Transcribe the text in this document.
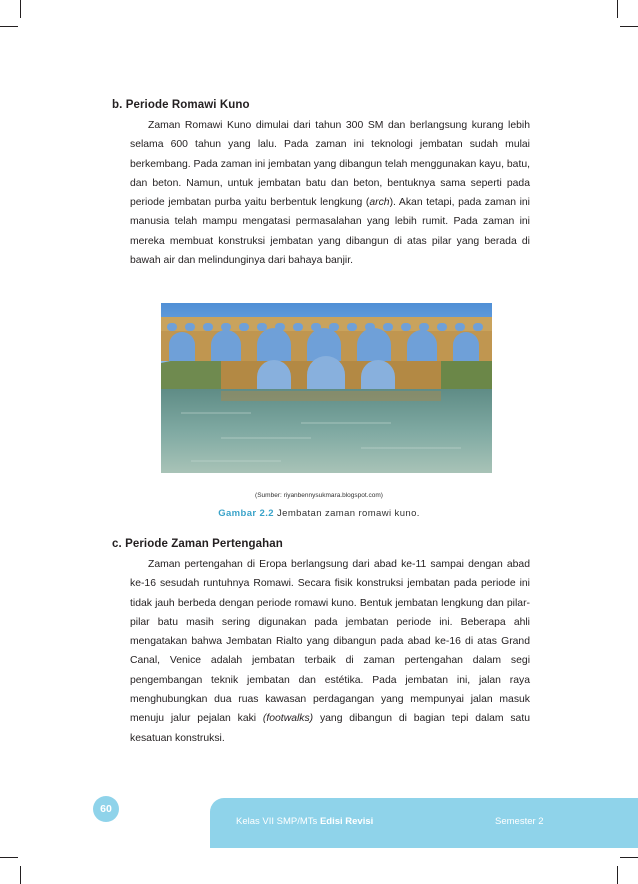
b. Periode Romawi Kuno

Zaman Romawi Kuno dimulai dari tahun 300 SM dan berlangsung kurang lebih selama 600 tahun yang lalu. Pada zaman ini teknologi jembatan sudah mulai berkembang. Pada zaman ini jembatan yang dibangun telah menggunakan kayu, batu, dan beton. Namun, untuk jembatan batu dan beton, bentuknya sama seperti pada periode jembatan purba yaitu berbentuk lengkung (arch). Akan tetapi, pada zaman ini manusia telah mampu mengatasi permasalahan yang lebih rumit. Pada zaman ini mereka membuat konstruksi jembatan yang dibangun di atas pilar yang berada di bawah air dan melindunginya dari bahaya banjir.

(Sumber: riyanbennysukmara.blogspot.com)
Gambar 2.2 Jembatan zaman romawi kuno.
c. Periode Zaman Pertengahan

Zaman pertengahan di Eropa berlangsung dari abad ke-11 sampai dengan abad ke-16 sesudah runtuhnya Romawi. Secara fisik konstruksi jembatan pada periode ini tidak jauh berbeda dengan periode romawi kuno. Bentuk jembatan lengkung dan pilar-pilar batu masih sering digunakan pada jembatan periode ini. Beberapa ahli mengatakan bahwa Jembatan Rialto yang dibangun pada abad ke-16 di atas Grand Canal, Venice adalah jembatan terbaik di zaman pertengahan dalam segi pengembangan teknik jembatan dan estétika. Pada jembatan ini, jalan raya menghubungkan dua ruas kawasan perdagangan yang mempunyai jalan masuk menuju jalur pejalan kaki (footwalks) yang dibangun di bagian tepi dalam satu kesatuan konstruksi.

60
Kelas VII SMP/MTs Edisi Revisi	Semester 2
